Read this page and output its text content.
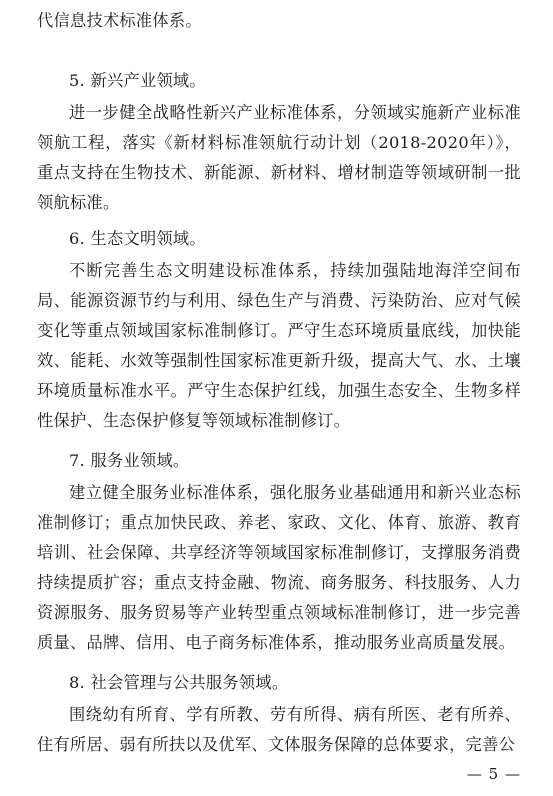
代信息技术标准体系。

5. 新兴产业领域。

进一步健全战略性新兴产业标准体系，分领域实施新产业标准领航工程，落实《新材料标准领航行动计划（2018-2020年）》，重点支持在生物技术、新能源、新材料、增材制造等领域研制一批领航标准。

6. 生态文明领域。

不断完善生态文明建设标准体系，持续加强陆地海洋空间布局、能源资源节约与利用、绿色生产与消费、污染防治、应对气候变化等重点领域国家标准制修订。严守生态环境质量底线，加快能效、能耗、水效等强制性国家标准更新升级，提高大气、水、土壤环境质量标准水平。严守生态保护红线，加强生态安全、生物多样性保护、生态保护修复等领域标准制修订。

7. 服务业领域。

建立健全服务业标准体系，强化服务业基础通用和新兴业态标准制修订；重点加快民政、养老、家政、文化、体育、旅游、教育培训、社会保障、共享经济等领域国家标准制修订，支撑服务消费持续提质扩容；重点支持金融、物流、商务服务、科技服务、人力资源服务、服务贸易等产业转型重点领域标准制修订，进一步完善质量、品牌、信用、电子商务标准体系，推动服务业高质量发展。

8. 社会管理与公共服务领域。

围绕幼有所育、学有所教、劳有所得、病有所医、老有所养、住有所居、弱有所扶以及优军、文体服务保障的总体要求，完善公

— 5 —
